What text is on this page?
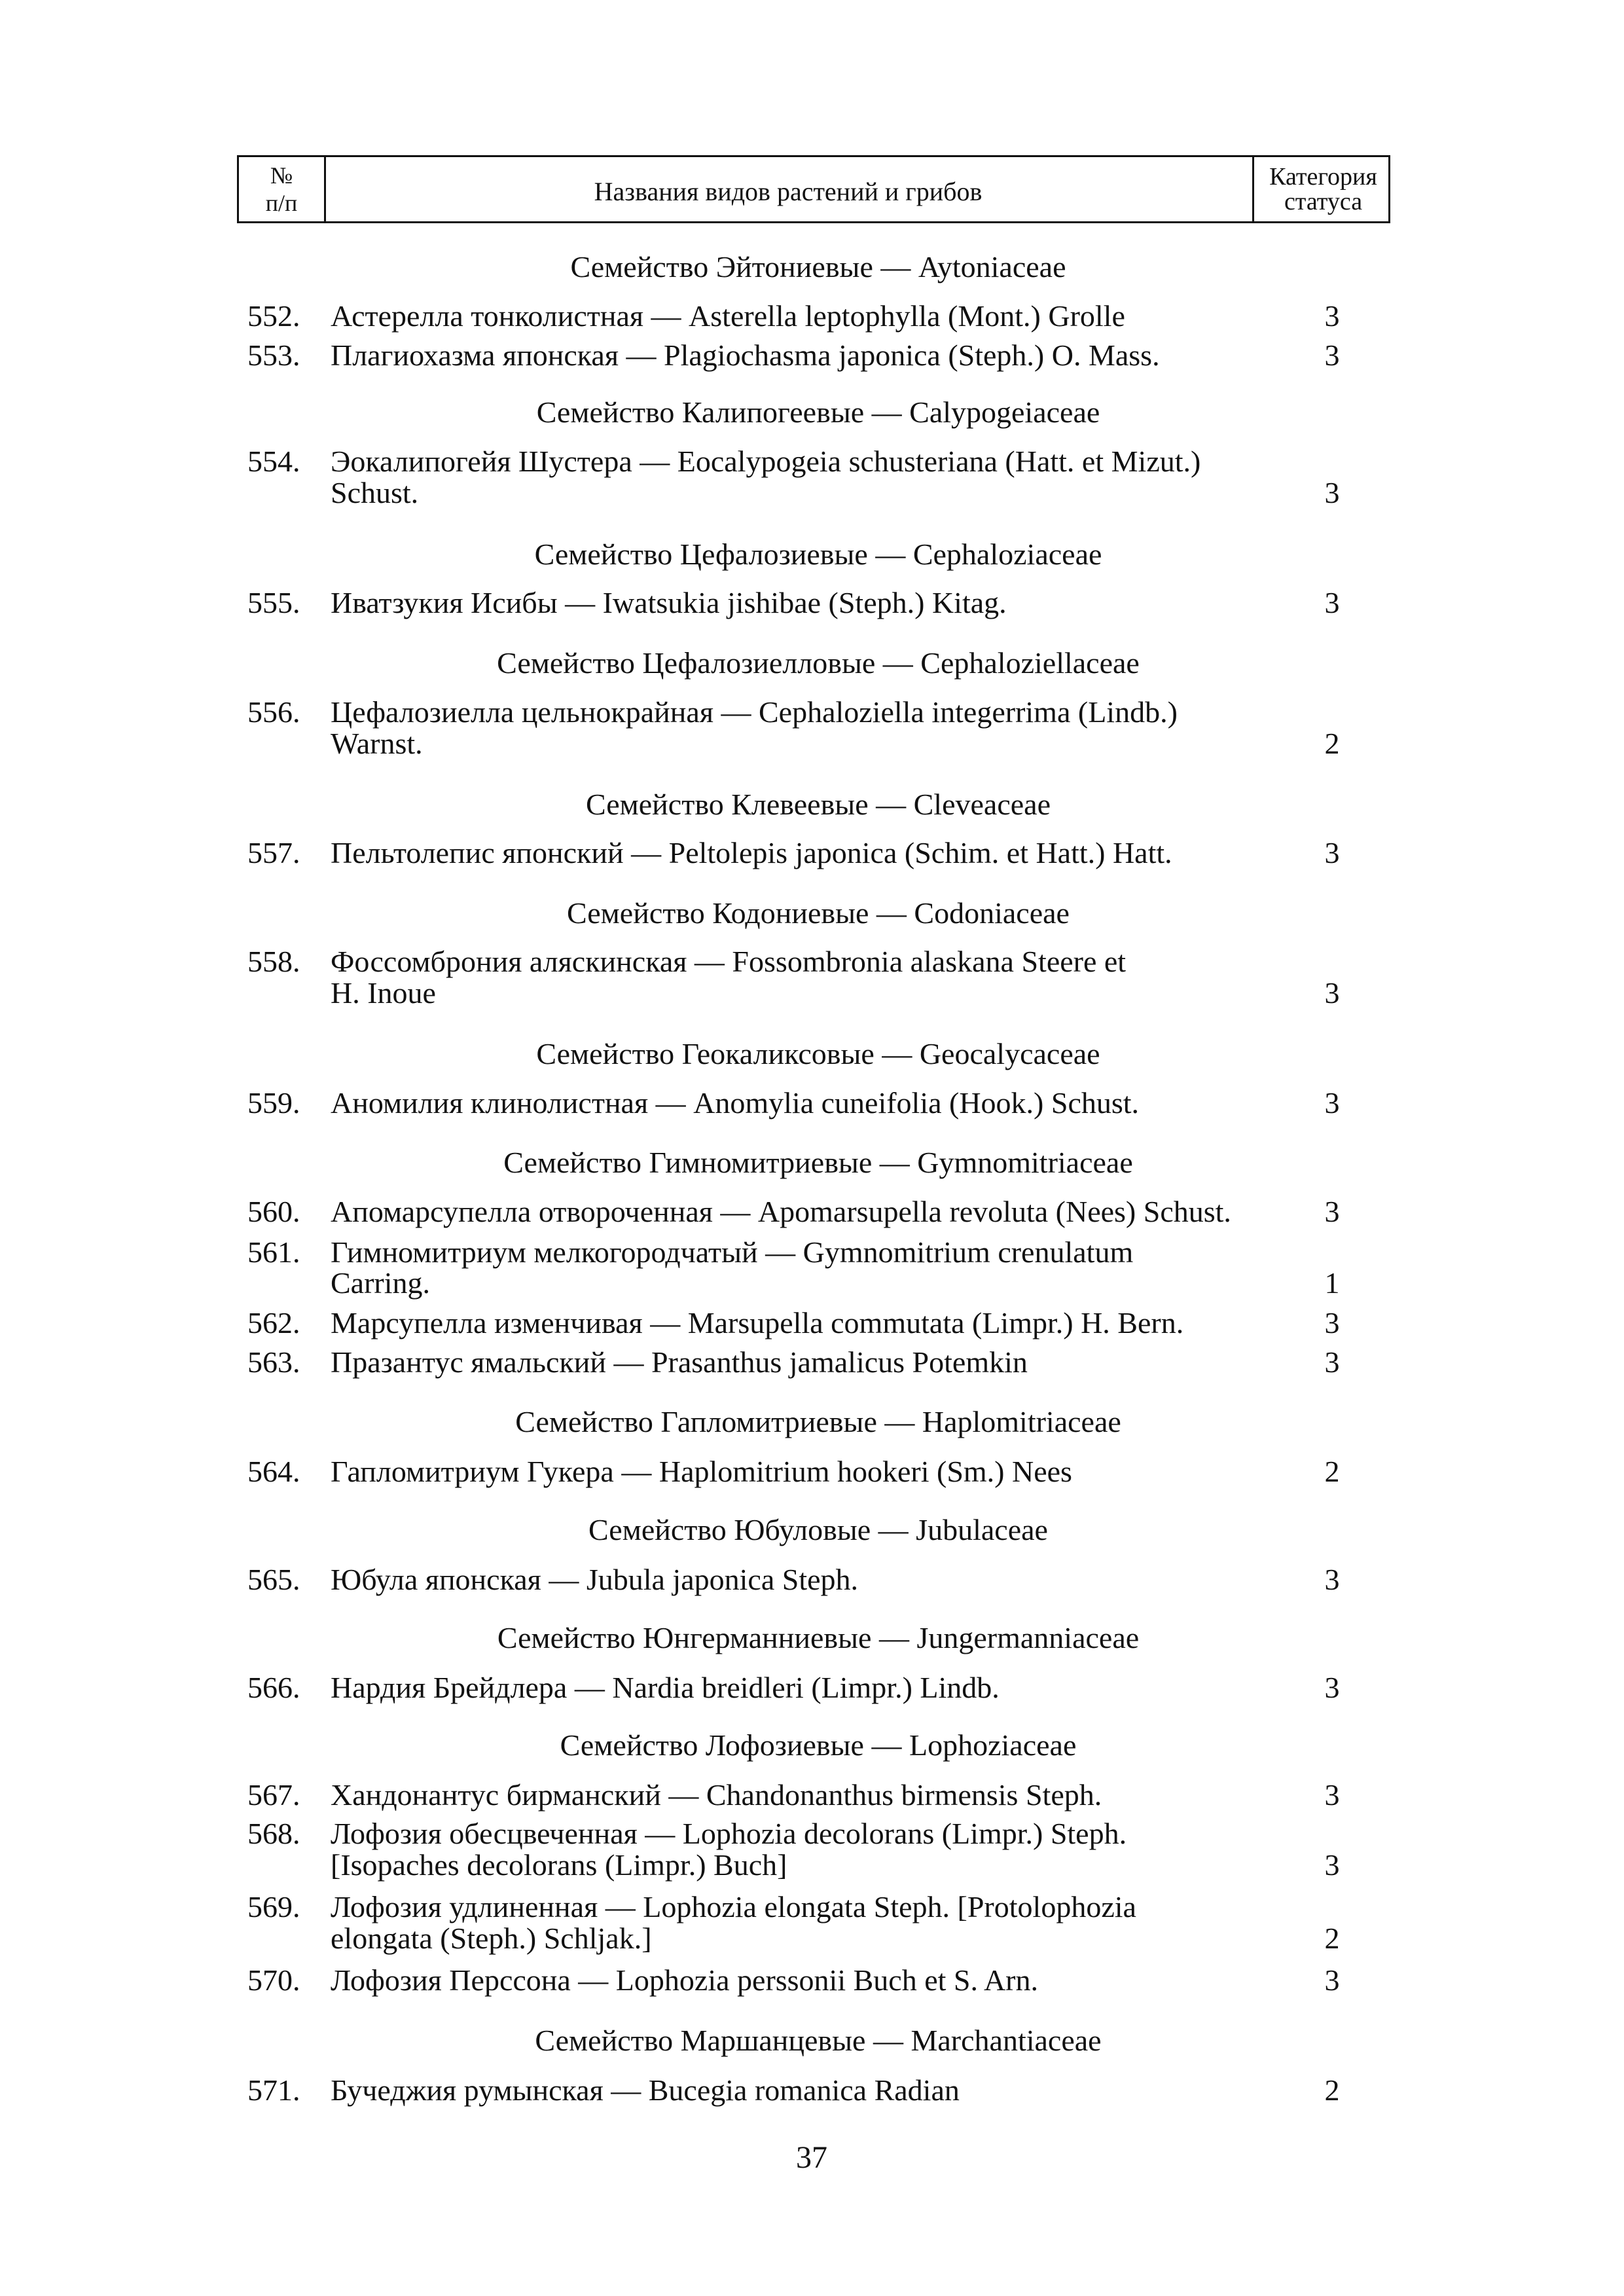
№
п/п	Названия видов растений и грибов	Категория
статуса
Семейство Эйтониевые — Aytoniaceae
Семейство Калипогеевые — Calypogeiaceae
Семейство Цефалозиевые — Cephaloziaceae
Семейство Цефалозиелловые — Cephaloziellaceae
Семейство Клевеевые — Cleveaceae
Семейство Кодониевые — Codoniaceae
Семейство Геокаликсовые — Geocalycaceae
Семейство Гимномитриевые — Gymnomitriaceae
Семейство Гапломитриевые — Haplomitriaceae
Семейство Юбуловые — Jubulaceae
Семейство Юнгерманниевые — Jungermanniaceae
Семейство Лофозиевые — Lophoziaceae
Семейство Маршанцевые — Marchantiaceae
552. Астерелла тонколистная — Asterella leptophylla (Mont.) Grolle	3
553. Плагиохазма японская — Plagiochasma japonica (Steph.) O. Mass.	3
554. Эокалипогейя Шустера — Eocalypogeia schusteriana (Hatt. et Mizut.)
Schust.	3
555. Иватзукия Исибы — Iwatsukia jishibae (Steph.) Kitag.	3
556. Цефалозиелла цельнокрайная — Cephaloziella integerrima (Lindb.)
Warnst.	2
557. Пельтолепис японский — Peltolepis japonica (Schim. et Hatt.) Hatt.	3
558. Фоссомброния аляскинская — Fossombronia alaskana Steere et
H. Inoue	3
559. Аномилия клинолистная — Anomylia cuneifolia (Hook.) Schust.	3
560. Апомарсупелла отвороченная — Apomarsupella revoluta (Nees) Schust.	3
561. Гимномитриум мелкогородчатый — Gymnomitrium crenulatum
Carring.	1
562. Марсупелла изменчивая — Marsupella commutata (Limpr.) H. Bern.	3
563. Празантус ямальский — Prasanthus jamalicus Potemkin	3
564. Гапломитриум Гукера — Haplomitrium hookeri (Sm.) Nees	2
565. Юбула японская — Jubula japonica Steph.	3
566. Нардия Брейдлера — Nardia breidleri (Limpr.) Lindb.	3
567. Хандонантус бирманский — Chandonanthus birmensis Steph.	3
568. Лофозия обесцвеченная — Lophozia decolorans (Limpr.) Steph.
[Isopaches decolorans (Limpr.) Buch]	3
569. Лофозия удлиненная — Lophozia elongata Steph. [Protolophozia
elongata (Steph.) Schljak.]	2
570. Лофозия Перссона — Lophozia perssonii Buch et S. Arn.	3
571. Бучеджия румынская — Bucegia romanica Radian	2
37
